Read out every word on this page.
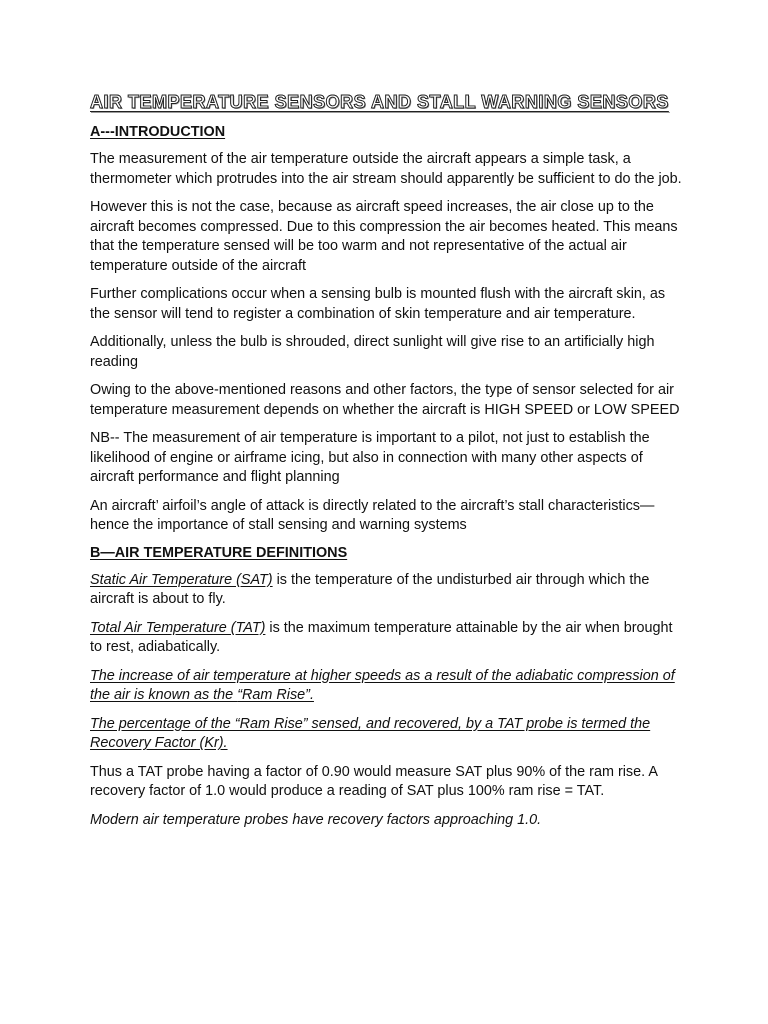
AIR TEMPERATURE SENSORS AND STALL WARNING SENSORS
A---INTRODUCTION

The measurement of the air temperature outside the aircraft appears a simple task, a thermometer which protrudes into the air stream should apparently be sufficient to do the job.

However this is not the case, because as aircraft speed increases, the air close up to the aircraft becomes compressed. Due to this compression the air becomes heated. This means that the temperature sensed will be too warm and not representative of the actual air temperature outside of the aircraft

Further complications occur when a sensing bulb is mounted flush with the aircraft skin, as the sensor will tend to register a combination of skin temperature and air temperature.

Additionally, unless the bulb is shrouded, direct sunlight will give rise to an artificially high reading

Owing to the above-mentioned reasons and other factors, the type of sensor selected for air temperature measurement depends on whether the aircraft is HIGH SPEED or LOW SPEED

NB-- The measurement of air temperature is important to a pilot, not just to establish the likelihood of engine or airframe icing, but also in connection with many other aspects of aircraft performance and flight planning

An aircraft’ airfoil’s angle of attack is directly related to the aircraft’s stall characteristics—hence the importance of stall sensing and warning systems

B—AIR TEMPERATURE DEFINITIONS

Static Air Temperature (SAT) is the temperature of the undisturbed air through which the aircraft is about to fly.

Total Air Temperature (TAT) is the maximum temperature attainable by the air when brought to rest, adiabatically.

The increase of air temperature at higher speeds as a result of the adiabatic compression of the air is known as the “Ram Rise”.

The percentage of the “Ram Rise” sensed, and recovered, by a TAT probe is termed the Recovery Factor (Kr).

Thus a TAT probe having a factor of 0.90 would measure SAT plus 90% of the ram rise. A recovery factor of 1.0 would produce a reading of SAT plus 100% ram rise = TAT.

Modern air temperature probes have recovery factors approaching 1.0.
